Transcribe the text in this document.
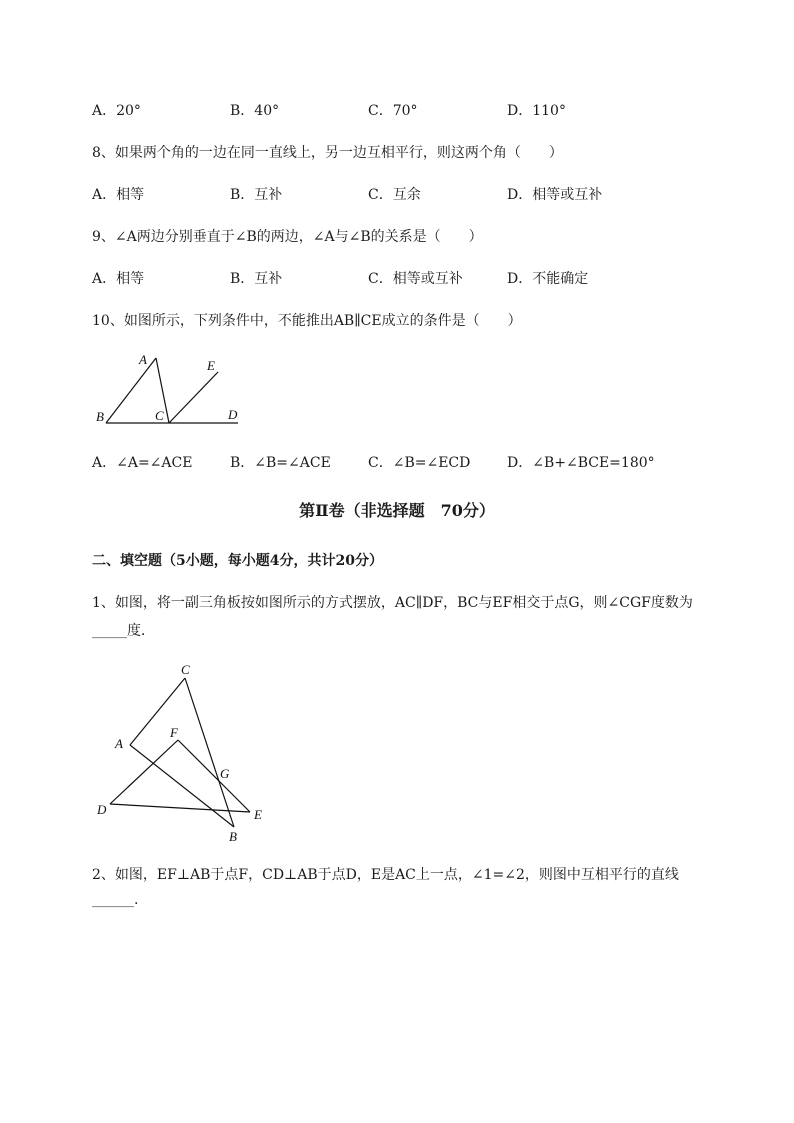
A．20°	B．40°	C．70°	D．110°
8、如果两个角的一边在同一直线上，另一边互相平行，则这两个角（　　）
A．相等	B．互补	C．互余	D．相等或互补
9、∠A两边分别垂直于∠B的两边，∠A与∠B的关系是（　　）
A．相等	B．互补	C．相等或互补	D．不能确定
10、如图所示，下列条件中，不能推出AB∥CE成立的条件是（　　）
A
B	C	D
E
A．∠A=∠ACE	B．∠B=∠ACE	C．∠B=∠ECD	D．∠B+∠BCE=180°
第Ⅱ卷（非选择题　70分）
二、填空题（5小题，每小题4分，共计20分）
1、如图，将一副三角板按如图所示的方式摆放，AC∥DF，BC与EF相交于点G，则∠CGF度数为
_____度．
C
A
F
G
D	E
B
2、如图，EF⊥AB于点F，CD⊥AB于点D，E是AC上一点，∠1=∠2，则图中互相平行的直线
______.
